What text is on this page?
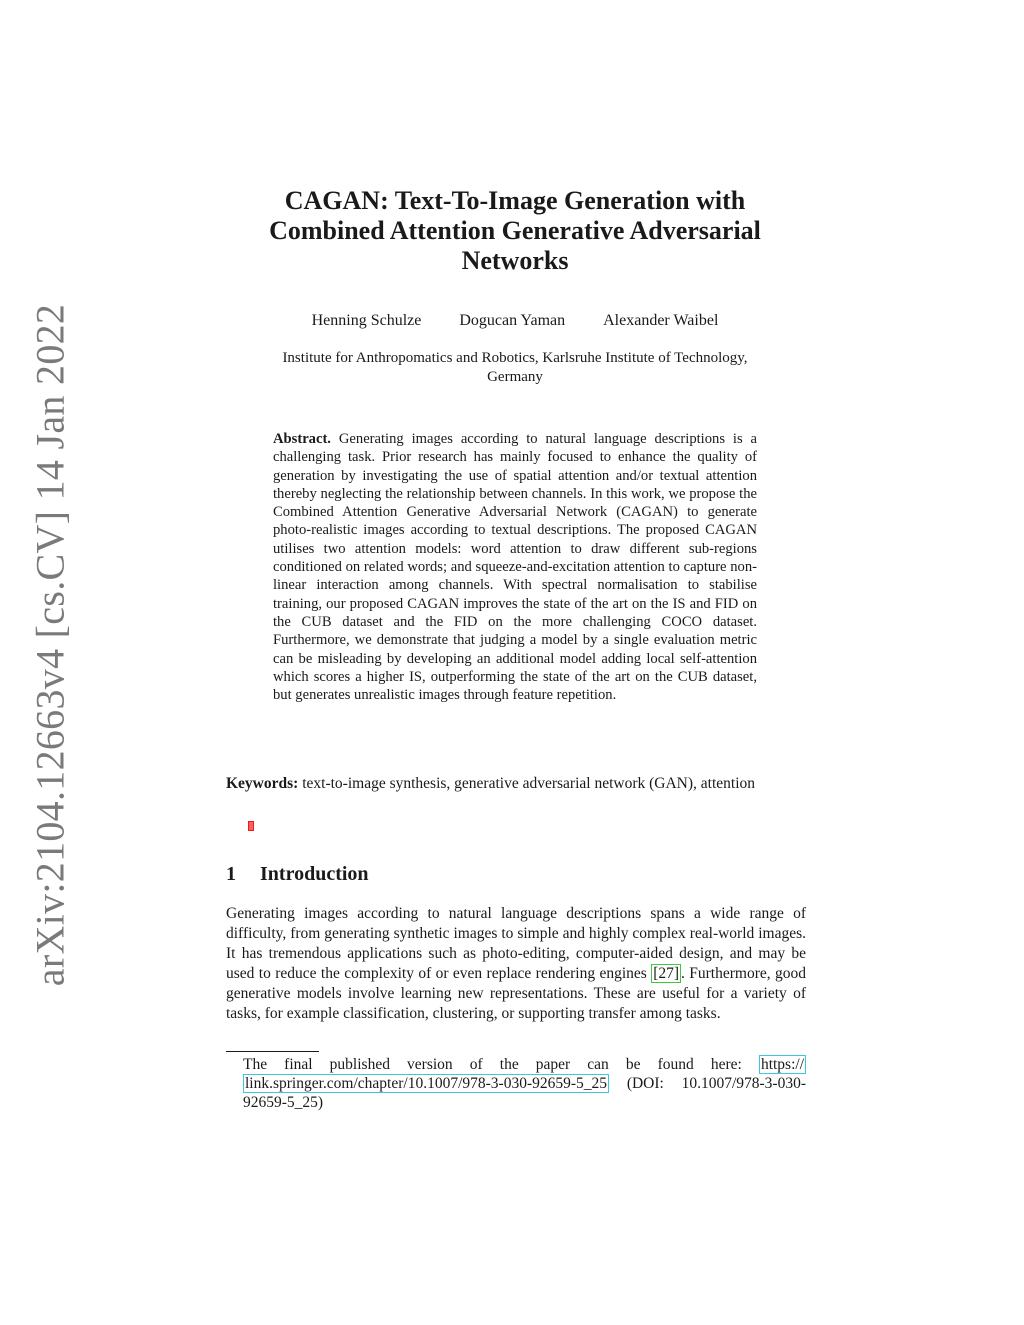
arXiv:2104.12663v4 [cs.CV] 14 Jan 2022
CAGAN: Text-To-Image Generation with
Combined Attention Generative Adversarial
Networks
Henning Schulze Dogucan Yaman Alexander Waibel
Institute for Anthropomatics and Robotics, Karlsruhe Institute of Technology,
Germany
Abstract. Generating images according to natural language descriptions is a challenging task. Prior research has mainly focused to enhance the quality of generation by investigating the use of spatial attention and/or textual attention thereby neglecting the relationship between channels. In this work, we propose the Combined Attention Generative Adversarial Network (CAGAN) to generate photo-realistic images according to textual descriptions. The proposed CAGAN utilises two attention models: word attention to draw different sub-regions conditioned on related words; and squeeze-and-excitation attention to capture non-linear interaction among channels. With spectral normalisation to stabilise training, our proposed CAGAN improves the state of the art on the IS and FID on the CUB dataset and the FID on the more challenging COCO dataset. Furthermore, we demonstrate that judging a model by a single evaluation metric can be misleading by developing an additional model adding local self-attention which scores a higher IS, outperforming the state of the art on the CUB dataset, but generates unrealistic images through feature repetition.
Keywords: text-to-image synthesis, generative adversarial network (GAN), attention
1 Introduction
Generating images according to natural language descriptions spans a wide range of difficulty, from generating synthetic images to simple and highly complex real-world images. It has tremendous applications such as photo-editing, computer-aided design, and may be used to reduce the complexity of or even replace rendering engines [27] . Furthermore, good generative models involve learning new representations. These are useful for a variety of tasks, for example classification, clustering, or supporting transfer among tasks.
The final published version of the paper can be found here: https://
link.springer.com/chapter/10.1007/978-3-030-92659-5_25 (DOI: 10.1007/978-3-030-92659-5_25)
